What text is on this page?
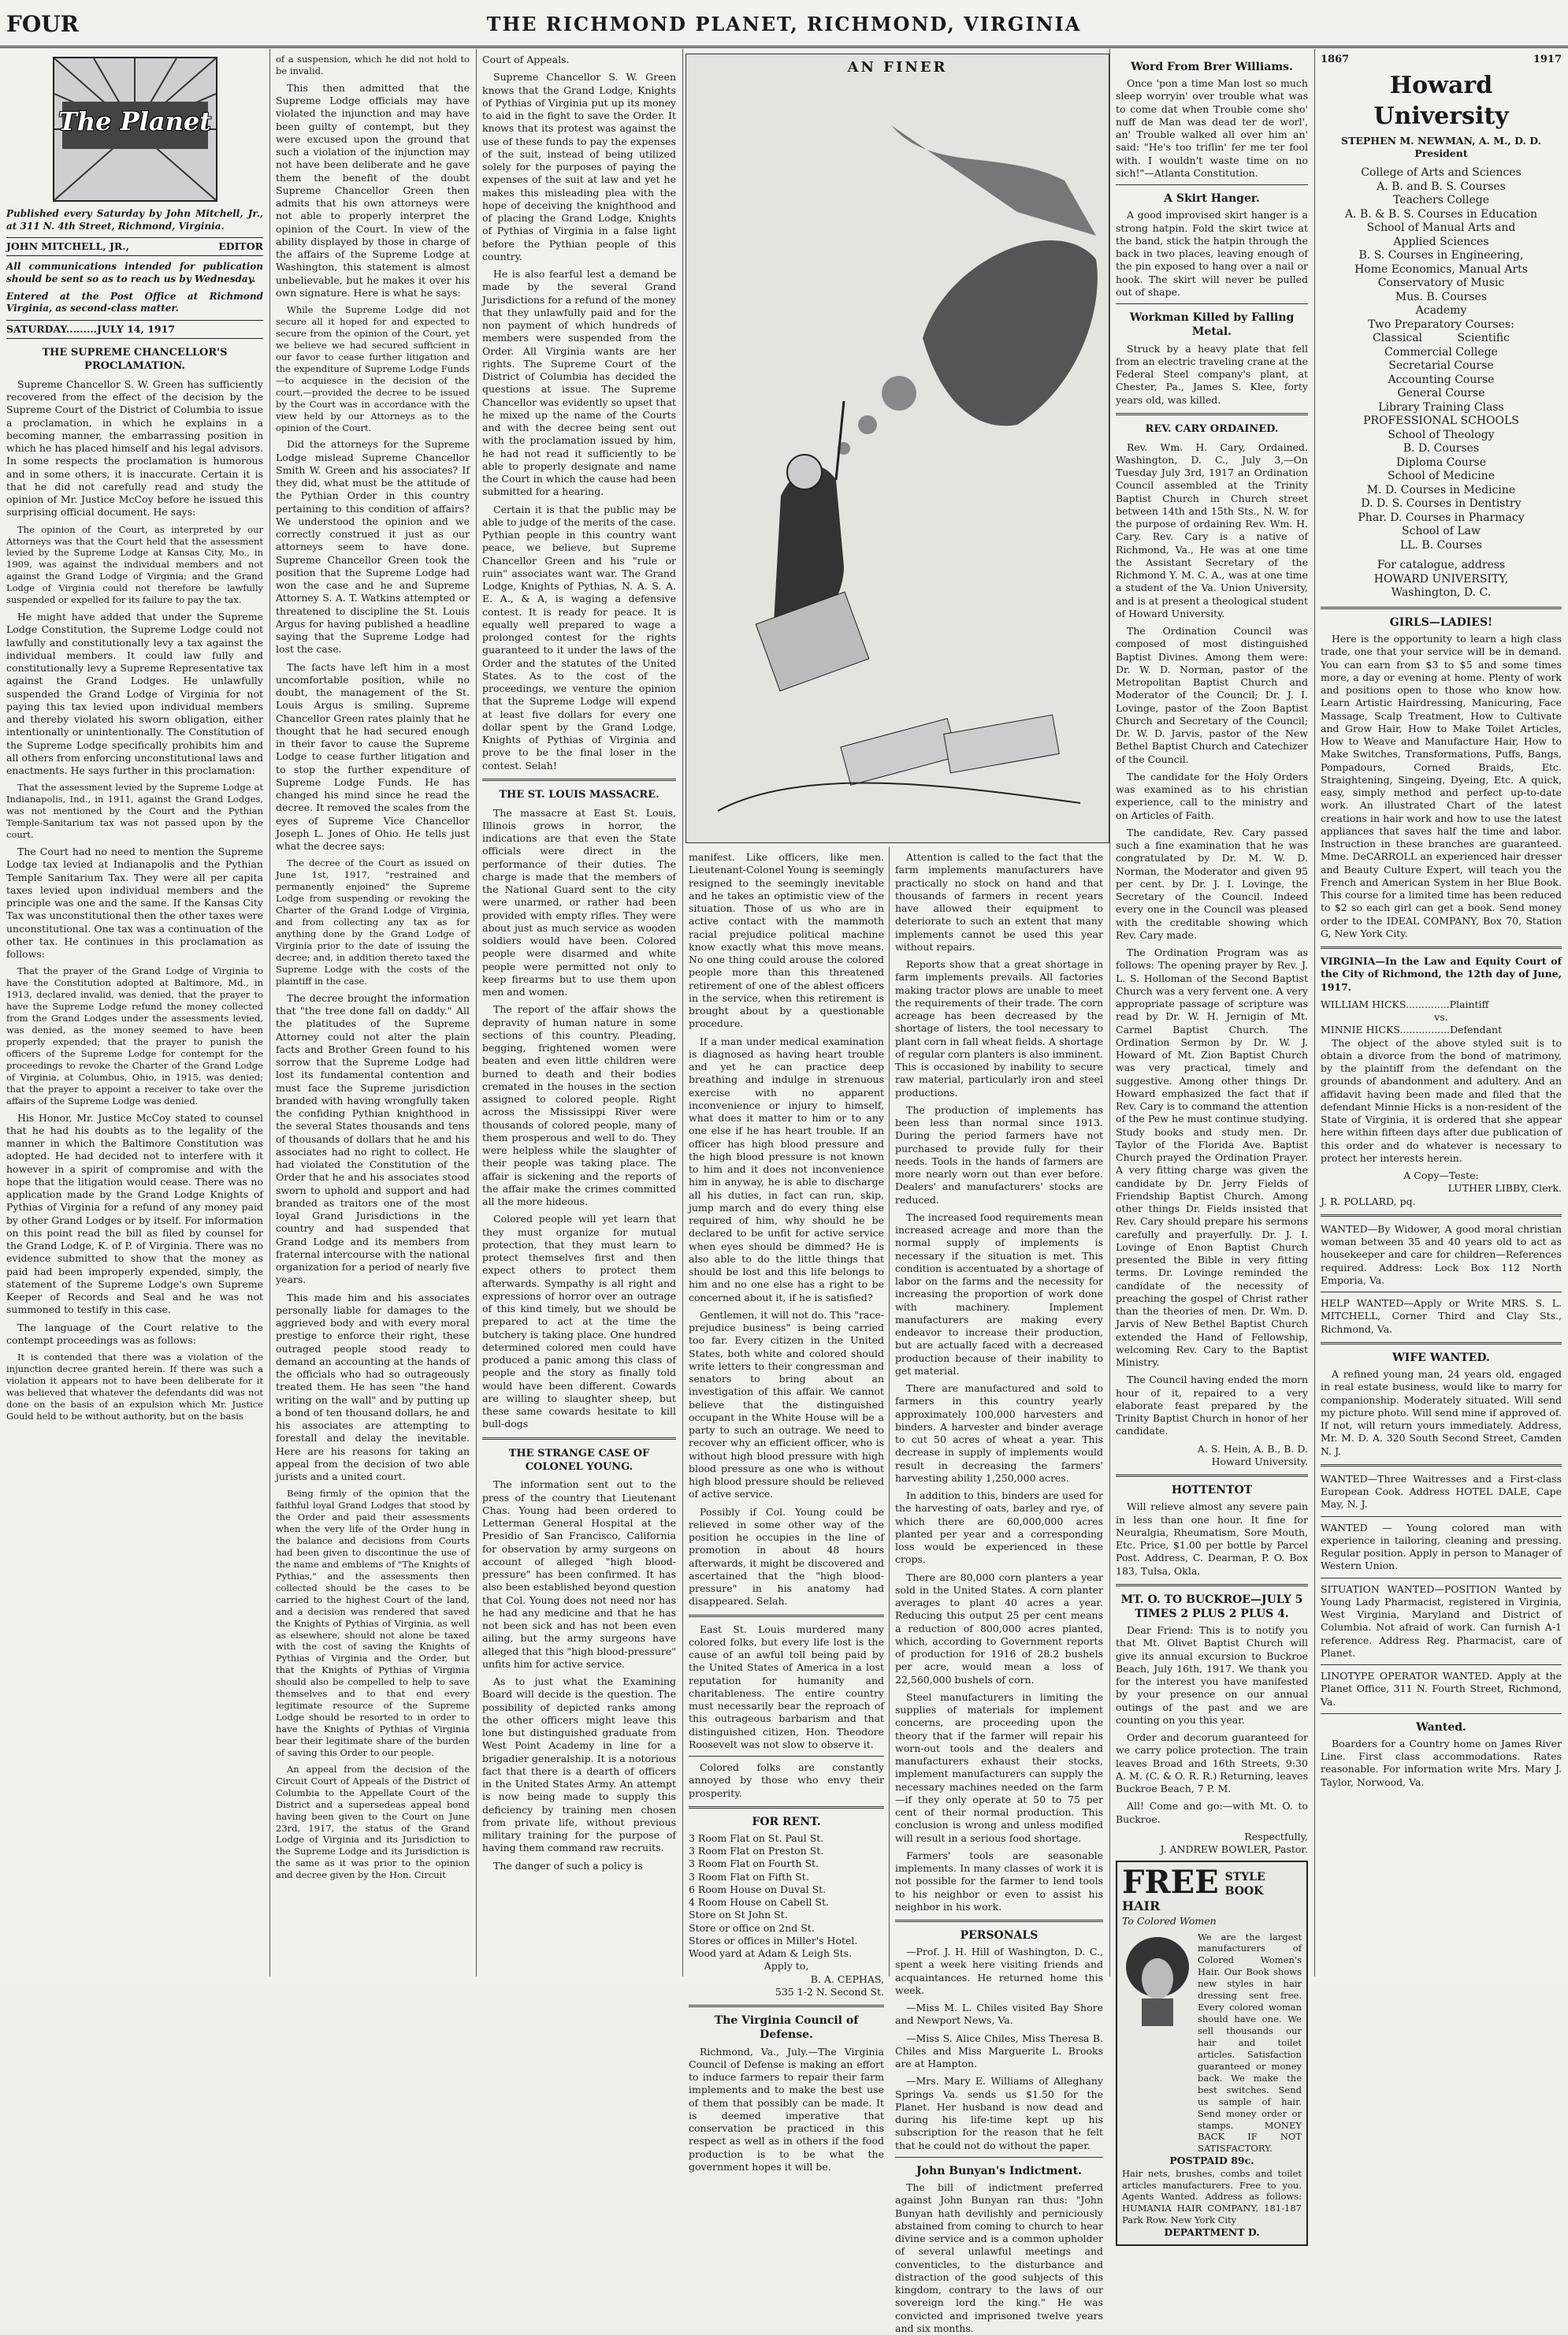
FOUR	THE RICHMOND PLANET, RICHMOND, VIRGINIA
The Planet
Published every Saturday by John Mitchell, Jr., at 311 N. 4th Street, Richmond, Virginia.
JOHN MITCHELL, JR.,	EDITOR
All communications intended for publication should be sent so as to reach us by Wednesday.
Entered at the Post Office at Richmond Virginia, as second-class matter.
SATURDAY.........JULY 14, 1917
THE SUPREME CHANCELLOR'S PROCLAMATION.

Supreme Chancellor S. W. Green has sufficiently recovered from the effect of the decision by the Supreme Court of the District of Columbia to issue a proclamation, in which he explains in a becoming manner, the embarrassing position in which he has placed himself and his legal advisors. In some respects the proclamation is humorous and in some others, it is inaccurate. Certain it is that he did not carefully read and study the opinion of Mr. Justice McCoy before he issued this surprising official document. He says:

The opinion of the Court, as interpreted by our Attorneys was that the Court held that the assessment levied by the Supreme Lodge at Kansas City, Mo., in 1909, was against the individual members and not against the Grand Lodge of Virginia; and the Grand Lodge of Virginia could not therefore be lawfully suspended or expelled for its failure to pay the tax.

He might have added that under the Supreme Lodge Constitution, the Supreme Lodge could not lawfully and constitutionally levy a tax against the individual members. It could law fully and constitutionally levy a Supreme Representative tax against the Grand Lodges. He unlawfully suspended the Grand Lodge of Virginia for not paying this tax levied upon individual members and thereby violated his sworn obligation, either intentionally or unintentionally. The Constitution of the Supreme Lodge specifically prohibits him and all others from enforcing unconstitutional laws and enactments. He says further in this proclamation:

That the assessment levied by the Supreme Lodge at Indianapolis, Ind., in 1911, against the Grand Lodges, was not mentioned by the Court and the Pythian Temple-Sanitarium tax was not passed upon by the court.

The Court had no need to mention the Supreme Lodge tax levied at Indianapolis and the Pythian Temple Sanitarium Tax. They were all per capita taxes levied upon individual members and the principle was one and the same. If the Kansas City Tax was unconstitutional then the other taxes were unconstitutional. One tax was a continuation of the other tax. He continues in this proclamation as follows:

That the prayer of the Grand Lodge of Virginia to have the Constitution adopted at Baltimore, Md., in 1913, declared invalid, was denied, that the prayer to have the Supreme Lodge refund the money collected from the Grand Lodges under the assessments levied, was denied, as the money seemed to have been properly expended; that the prayer to punish the officers of the Supreme Lodge for contempt for the proceedings to revoke the Charter of the Grand Lodge of Virginia, at Columbus, Ohio, in 1915, was denied; that the prayer to appoint a receiver to take over the affairs of the Supreme Lodge was denied.

His Honor, Mr. Justice McCoy stated to counsel that he had his doubts as to the legality of the manner in which the Baltimore Constitution was adopted. He had decided not to interfere with it however in a spirit of compromise and with the hope that the litigation would cease. There was no application made by the Grand Lodge Knights of Pythias of Virginia for a refund of any money paid by other Grand Lodges or by itself. For information on this point read the bill as filed by counsel for the Grand Lodge, K. of P. of Virginia. There was no evidence submitted to show that the money as paid had been improperly expended, simply, the statement of the Supreme Lodge's own Supreme Keeper of Records and Seal and he was not summoned to testify in this case.

The language of the Court relative to the contempt proceedings was as follows:

It is contended that there was a violation of the injunction decree granted herein. If there was such a violation it appears not to have been deliberate for it was believed that whatever the defendants did was not done on the basis of an expulsion which Mr. Justice Gould held to be without authority, but on the basis

of a suspension, which he did not hold to be invalid.

This then admitted that the Supreme Lodge officials may have violated the injunction and may have been guilty of contempt, but they were excused upon the ground that such a violation of the injunction may not have been deliberate and he gave them the benefit of the doubt Supreme Chancellor Green then admits that his own attorneys were not able to properly interpret the opinion of the Court. In view of the ability displayed by those in charge of the affairs of the Supreme Lodge at Washington, this statement is almost unbelievable, but he makes it over his own signature. Here is what he says:

While the Supreme Lodge did not secure all it hoped for and expected to secure from the opinion of the Court, yet we believe we had secured sufficient in our favor to cease further litigation and the expenditure of Supreme Lodge Funds—to acquiesce in the decision of the court,—provided the decree to be issued by the Court was in accordance with the view held by our Attorneys as to the opinion of the Court.

Did the attorneys for the Supreme Lodge mislead Supreme Chancellor Smith W. Green and his associates? If they did, what must be the attitude of the Pythian Order in this country pertaining to this condition of affairs? We understood the opinion and we correctly construed it just as our attorneys seem to have done. Supreme Chancellor Green took the position that the Supreme Lodge had won the case and he and Supreme Attorney S. A. T. Watkins attempted or threatened to discipline the St. Louis Argus for having published a headline saying that the Supreme Lodge had lost the case.

The facts have left him in a most uncomfortable position, while no doubt, the management of the St. Louis Argus is smiling. Supreme Chancellor Green rates plainly that he thought that he had secured enough in their favor to cause the Supreme Lodge to cease further litigation and to stop the further expenditure of Supreme Lodge Funds. He has changed his mind since he read the decree. It removed the scales from the eyes of Supreme Vice Chancellor Joseph L. Jones of Ohio. He tells just what the decree says:

The decree of the Court as issued on June 1st, 1917, "restrained and permanently enjoined" the Supreme Lodge from suspending or revoking the Charter of the Grand Lodge of Virginia, and from collecting any tax as for anything done by the Grand Lodge of Virginia prior to the date of issuing the decree; and, in addition thereto taxed the Supreme Lodge with the costs of the plaintiff in the case.

The decree brought the information that "the tree done fall on daddy." All the platitudes of the Supreme Attorney could not alter the plain facts and Brother Green found to his sorrow that the Supreme Lodge had lost its fundamental contention and must face the Supreme jurisdiction branded with having wrongfully taken the confiding Pythian knighthood in the several States thousands and tens of thousands of dollars that he and his associates had no right to collect. He had violated the Constitution of the Order that he and his associates stood sworn to uphold and support and had branded as traitors one of the most loyal Grand Jurisdictions in the country and had suspended that Grand Lodge and its members from fraternal intercourse with the national organization for a period of nearly five years.

This made him and his associates personally liable for damages to the aggrieved body and with every moral prestige to enforce their right, these outraged people stood ready to demand an accounting at the hands of the officials who had so outrageously treated them. He has seen "the hand writing on the wall" and by putting up a bond of ten thousand dollars, he and his associates are attempting to forestall and delay the inevitable. Here are his reasons for taking an appeal from the decision of two able jurists and a united court.

Being firmly of the opinion that the faithful loyal Grand Lodges that stood by the Order and paid their assessments when the very life of the Order hung in the balance and decisions from Courts had been given to discontinue the use of the name and emblems of "The Knights of Pythias," and the assessments then collected should be the cases to be carried to the highest Court of the land, and a decision was rendered that saved the Knights of Pythias of Virginia, as well as elsewhere, should not alone be taxed with the cost of saving the Knights of Pythias of Virginia and the Order, but that the Knights of Pythias of Virginia should also be compelled to help to save themselves and to that end every legitimate resource of the Supreme Lodge should be resorted to in order to have the Knights of Pythias of Virginia bear their legitimate share of the burden of saving this Order to our people.

An appeal from the decision of the Circuit Court of Appeals of the District of Columbia to the Appellate Court of the District and a supersedeas appeal bond having been given to the Court on June 23rd, 1917, the status of the Grand Lodge of Virginia and its Jurisdiction to the Supreme Lodge and its Jurisdiction is the same as it was prior to the opinion and decree given by the Hon. Circuit

Court of Appeals.

Supreme Chancellor S. W. Green knows that the Grand Lodge, Knights of Pythias of Virginia put up its money to aid in the fight to save the Order. It knows that its protest was against the use of these funds to pay the expenses of the suit, instead of being utilized solely for the purposes of paying the expenses of the suit at law and yet he makes this misleading plea with the hope of deceiving the knighthood and of placing the Grand Lodge, Knights of Pythias of Virginia in a false light before the Pythian people of this country.

He is also fearful lest a demand be made by the several Grand Jurisdictions for a refund of the money that they unlawfully paid and for the non payment of which hundreds of members were suspended from the Order. All Virginia wants are her rights. The Supreme Court of the District of Columbia has decided the questions at issue. The Supreme Chancellor was evidently so upset that he mixed up the name of the Courts and with the decree being sent out with the proclamation issued by him, he had not read it sufficiently to be able to properly designate and name the Court in which the cause had been submitted for a hearing.

Certain it is that the public may be able to judge of the merits of the case. Pythian people in this country want peace, we believe, but Supreme Chancellor Green and his "rule or ruin" associates want war. The Grand Lodge, Knights of Pythias, N. A. S. A. E. A., & A, is waging a defensive contest. It is ready for peace. It is equally well prepared to wage a prolonged contest for the rights guaranteed to it under the laws of the Order and the statutes of the United States. As to the cost of the proceedings, we venture the opinion that the Supreme Lodge will expend at least five dollars for every one dollar spent by the Grand Lodge, Knights of Pythias of Virginia and prove to be the final loser in the contest. Selah!

THE ST. LOUIS MASSACRE.

The massacre at East St. Louis, Illinois grows in horror, the indications are that even the State officials were direct in the performance of their duties. The charge is made that the members of the National Guard sent to the city were unarmed, or rather had been provided with empty rifles. They were about just as much service as wooden soldiers would have been. Colored people were disarmed and white people were permitted not only to keep firearms but to use them upon men and women.

The report of the affair shows the depravity of human nature in some sections of this country. Pleading, begging, frightened women were beaten and even little children were burned to death and their bodies cremated in the houses in the section assigned to colored people. Right across the Mississippi River were thousands of colored people, many of them prosperous and well to do. They were helpless while the slaughter of their people was taking place. The affair is sickening and the reports of the affair make the crimes committed all the more hideous.

Colored people will yet learn that they must organize for mutual protection, that they must learn to protect themselves first and then expect others to protect them afterwards. Sympathy is all right and expressions of horror over an outrage of this kind timely, but we should be prepared to act at the time the butchery is taking place. One hundred determined colored men could have produced a panic among this class of people and the story as finally told would have been different. Cowards are willing to slaughter sheep, but these same cowards hesitate to kill bull-dogs

THE STRANGE CASE OF COLONEL YOUNG.

The information sent out to the press of the country that Lieutenant Chas. Young had been ordered to Letterman General Hospital at the Presidio of San Francisco, California for observation by army surgeons on account of alleged "high blood-pressure" has been confirmed. It has also been established beyond question that Col. Young does not need nor has he had any medicine and that he has not been sick and has not been even ailing, but the army surgeons have alleged that this "high blood-pressure" unfits him for active service.

As to just what the Examining Board will decide is the question. The possibility of depicted ranks among the other officers might leave this lone but distinguished graduate from West Point Academy in line for a brigadier generalship. It is a notorious fact that there is a dearth of officers in the United States Army. An attempt is now being made to supply this deficiency by training men chosen from private life, without previous military training for the purpose of having them command raw recruits.

The danger of such a policy is

AN FINER

manifest. Like officers, like men. Lieutenant-Colonel Young is seemingly resigned to the seemingly inevitable and he takes an optimistic view of the situation. Those of us who are in active contact with the mammoth racial prejudice political machine know exactly what this move means. No one thing could arouse the colored people more than this threatened retirement of one of the ablest officers in the service, when this retirement is brought about by a questionable procedure.

If a man under medical examination is diagnosed as having heart trouble and yet he can practice deep breathing and indulge in strenuous exercise with no apparent inconvenience or injury to himself, what does it matter to him or to any one else if he has heart trouble. If an officer has high blood pressure and the high blood pressure is not known to him and it does not inconvenience him in anyway, he is able to discharge all his duties, in fact can run, skip, jump march and do every thing else required of him, why should he be declared to be unfit for active service when eyes should be dimmed? He is also able to do the little things that should be lost and this life belongs to him and no one else has a right to be concerned about it, if he is satisfied?

Gentlemen, it will not do. This "race-prejudice business" is being carried too far. Every citizen in the United States, both white and colored should write letters to their congressman and senators to bring about an investigation of this affair. We cannot believe that the distinguished occupant in the White House will be a party to such an outrage. We need to recover why an efficient officer, who is without high blood pressure with high blood pressure as one who is without high blood pressure should be relieved of active service.

Possibly if Col. Young could be relieved in some other way of the position he occupies in the line of promotion in about 48 hours afterwards, it might be discovered and ascertained that the "high blood-pressure" in his anatomy had disappeared. Selah.

East St. Louis murdered many colored folks, but every life lost is the cause of an awful toll being paid by the United States of America in a lost reputation for humanity and charitableness. The entire country must necessarily bear the reproach of this outrageous barbarism and that distinguished citizen, Hon. Theodore Roosevelt was not slow to observe it.

Colored folks are constantly annoyed by those who envy their prosperity.

FOR RENT.
3 Room Flat on St. Paul St.
3 Room Flat on Preston St.
3 Room Flat on Fourth St.
3 Room Flat on Fifth St.
6 Room House on Duval St.
4 Room House on Cabell St.
Store on St John St.
Store or office on 2nd St.
Stores or offices in Miller's Hotel.
Wood yard at Adam & Leigh Sts.
Apply to,
B. A. CEPHAS,
535 1-2 N. Second St.
The Virginia Council of Defense.

Richmond, Va., July.—The Virginia Council of Defense is making an effort to induce farmers to repair their farm implements and to make the best use of them that possibly can be made. It is deemed imperative that conservation be practiced in this respect as well as in others if the food production is to be what the government hopes it will be.

Attention is called to the fact that the farm implements manufacturers have practically no stock on hand and that thousands of farmers in recent years have allowed their equipment to deteriorate to such an extent that many implements cannot be used this year without repairs.

Reports show that a great shortage in farm implements prevails. All factories making tractor plows are unable to meet the requirements of their trade. The corn acreage has been decreased by the shortage of listers, the tool necessary to plant corn in fall wheat fields. A shortage of regular corn planters is also imminent. This is occasioned by inability to secure raw material, particularly iron and steel productions.

The production of implements has been less than normal since 1913. During the period farmers have not purchased to provide fully for their needs. Tools in the hands of farmers are more nearly worn out than ever before. Dealers' and manufacturers' stocks are reduced.

The increased food requirements mean increased acreage and more than the normal supply of implements is necessary if the situation is met. This condition is accentuated by a shortage of labor on the farms and the necessity for increasing the proportion of work done with machinery. Implement manufacturers are making every endeavor to increase their production, but are actually faced with a decreased production because of their inability to get material.

There are manufactured and sold to farmers in this country yearly approximately 100,000 harvesters and binders. A harvester and binder average to cut 50 acres of wheat a year. This decrease in supply of implements would result in decreasing the farmers' harvesting ability 1,250,000 acres.

In addition to this, binders are used for the harvesting of oats, barley and rye, of which there are 60,000,000 acres planted per year and a corresponding loss would be experienced in these crops.

There are 80,000 corn planters a year sold in the United States. A corn planter averages to plant 40 acres a year. Reducing this output 25 per cent means a reduction of 800,000 acres planted, which, according to Government reports of production for 1916 of 28.2 bushels per acre, would mean a loss of 22,560,000 bushels of corn.

Steel manufacturers in limiting the supplies of materials for implement concerns, are proceeding upon the theory that if the farmer will repair his worn-out tools and the dealers and manufacturers exhaust their stocks, implement manufacturers can supply the necessary machines needed on the farm—if they only operate at 50 to 75 per cent of their normal production. This conclusion is wrong and unless modified will result in a serious food shortage.

Farmers' tools are seasonable implements. In many classes of work it is not possible for the farmer to lend tools to his neighbor or even to assist his neighbor in his work.

PERSONALS

—Prof. J. H. Hill of Washington, D. C., spent a week here visiting friends and acquaintances. He returned home this week.

—Miss M. L. Chiles visited Bay Shore and Newport News, Va.

—Miss S. Alice Chiles, Miss Theresa B. Chiles and Miss Marguerite L. Brooks are at Hampton.

—Mrs. Mary E. Williams of Alleghany Springs Va. sends us $1.50 for the Planet. Her husband is now dead and during his life-time kept up his subscription for the reason that he felt that he could not do without the paper.

John Bunyan's Indictment.

The bill of indictment preferred against John Bunyan ran thus: "John Bunyan hath devilishly and perniciously abstained from coming to church to hear divine service and is a common upholder of several unlawful meetings and conventicles, to the disturbance and distraction of the good subjects of this kingdom, contrary to the laws of our sovereign lord the king." He was convicted and imprisoned twelve years and six months.

Word From Brer Williams.

Once 'pon a time Man lost so much sleep worryin' over trouble what was to come dat when Trouble come sho' nuff de Man was dead ter de worl', an' Trouble walked all over him an' said: "He's too triflin' fer me ter fool with. I wouldn't waste time on no sich!"—Atlanta Constitution.

A Skirt Hanger.

A good improvised skirt hanger is a strong hatpin. Fold the skirt twice at the band, stick the hatpin through the back in two places, leaving enough of the pin exposed to hang over a nail or hook. The skirt will never be pulled out of shape.

Workman Killed by Falling Metal.

Struck by a heavy plate that fell from an electric traveling crane at the Federal Steel company's plant, at Chester, Pa., James S. Klee, forty years old, was killed.

REV. CARY ORDAINED.

Rev. Wm. H. Cary, Ordained. Washington, D. C., July 3,—On Tuesday July 3rd, 1917 an Ordination Council assembled at the Trinity Baptist Church in Church street between 14th and 15th Sts., N. W. for the purpose of ordaining Rev. Wm. H. Cary. Rev. Cary is a native of Richmond, Va., He was at one time the Assistant Secretary of the Richmond Y. M. C. A., was at one time a student of the Va. Union University, and is at present a theological student of Howard University.

The Ordination Council was composed of most distinguished Baptist Divines. Among them were: Dr. W. D. Norman, pastor of the Metropolitan Baptist Church and Moderator of the Council; Dr. J. I. Lovinge, pastor of the Zoon Baptist Church and Secretary of the Council; Dr. W. D. Jarvis, pastor of the New Bethel Baptist Church and Catechizer of the Council.

The candidate for the Holy Orders was examined as to his christian experience, call to the ministry and on Articles of Faith.

The candidate, Rev. Cary passed such a fine examination that he was congratulated by Dr. M. W. D. Norman, the Moderator and given 95 per cent. by Dr. J. I. Lovinge, the Secretary of the Council. Indeed every one in the Council was pleased with the creditable showing which Rev. Cary made.

The Ordination Program was as follows: The opening prayer by Rev. J. L. S. Holloman of the Second Baptist Church was a very fervent one. A very appropriate passage of scripture was read by Dr. W. H. Jernigin of Mt. Carmel Baptist Church. The Ordination Sermon by Dr. W. J. Howard of Mt. Zion Baptist Church was very practical, timely and suggestive. Among other things Dr. Howard emphasized the fact that if Rev. Cary is to command the attention of the Pew he must continue studying. Study books and study men. Dr. Taylor of the Florida Ave. Baptist Church prayed the Ordination Prayer. A very fitting charge was given the candidate by Dr. Jerry Fields of Friendship Baptist Church. Among other things Dr. Fields insisted that Rev. Cary should prepare his sermons carefully and prayerfully. Dr. J. I. Lovinge of Enon Baptist Church presented the Bible in very fitting terms. Dr. Lovinge reminded the candidate of the necessity of preaching the gospel of Christ rather than the theories of men. Dr. Wm. D. Jarvis of New Bethel Baptist Church extended the Hand of Fellowship, welcoming Rev. Cary to the Baptist Ministry.

The Council having ended the morn hour of it, repaired to a very elaborate feast prepared by the Trinity Baptist Church in honor of her candidate.

A. S. Hein, A. B., B. D.
Howard University.
HOTTENTOT

Will relieve almost any severe pain in less than one hour. It fine for Neuralgia, Rheumatism, Sore Mouth, Etc. Price, $1.00 per bottle by Parcel Post. Address, C. Dearman, P. O. Box 183, Tulsa, Okla.

MT. O. TO BUCKROE—JULY 5 TIMES 2 PLUS 2 PLUS 4.

Dear Friend: This is to notify you that Mt. Olivet Baptist Church will give its annual excursion to Buckroe Beach, July 16th, 1917. We thank you for the interest you have manifested by your presence on our annual outings of the past and we are counting on you this year.

Order and decorum guaranteed for we carry police protection. The train leaves Broad and 16th Streets, 9:30 A. M. (C. & O. R. R.) Returning, leaves Buckroe Beach, 7 P. M.

All! Come and go:—with Mt. O. to Buckroe.

Respectfully,
J. ANDREW BOWLER, Pastor.
FREE STYLE BOOK
HAIR
To Colored Women
We are the largest manufacturers of Colored Women's Hair. Our Book shows new styles in hair dressing sent free. Every colored woman should have one. We sell thousands our hair and toilet articles. Satisfaction guaranteed or money back. We make the best switches. Send us sample of hair. Send money order or stamps. MONEY BACK IF NOT SATISFACTORY.
POSTPAID 89c.
Hair nets, brushes, combs and toilet articles manufacturers. Free to you. Agents Wanted. Address as follows: HUMANIA HAIR COMPANY, 181-187 Park Row. New York City
DEPARTMENT D.
1867	1917
Howard University
STEPHEN M. NEWMAN, A. M., D. D.
President
College of Arts and Sciences
A. B. and B. S. Courses
Teachers College
A. B. & B. S. Courses in Education
School of Manual Arts and
Applied Sciences
B. S. Courses in Engineering,
Home Economics, Manual Arts
Conservatory of Music
Mus. B. Courses
Academy
Two Preparatory Courses:
Classical          Scientific
Commercial College
Secretarial Course
Accounting Course
General Course
Library Training Class
PROFESSIONAL SCHOOLS
School of Theology
B. D. Courses
Diploma Course
School of Medicine
M. D. Courses in Medicine
D. D. S. Courses in Dentistry
Phar. D. Courses in Pharmacy
School of Law
LL. B. Courses
For catalogue, address
HOWARD UNIVERSITY,
Washington, D. C.
GIRLS—LADIES!

Here is the opportunity to learn a high class trade, one that your service will be in demand. You can earn from $3 to $5 and some times more, a day or evening at home. Plenty of work and positions open to those who know how. Learn Artistic Hairdressing, Manicuring, Face Massage, Scalp Treatment, How to Cultivate and Grow Hair, How to Make Toilet Articles, How to Weave and Manufacture Hair, How to Make Switches, Transformations, Puffs, Bangs, Pompadours, Corned Braids, Etc. Straightening, Singeing, Dyeing, Etc. A quick, easy, simply method and perfect up-to-date work. An illustrated Chart of the latest creations in hair work and how to use the latest appliances that saves half the time and labor. Instruction in these branches are guaranteed. Mme. DeCARROLL an experienced hair dresser and Beauty Culture Expert, will teach you the French and American System in her Blue Book. This course for a limited time has been reduced to $2 so each girl can get a book. Send money order to the IDEAL COMPANY, Box 70, Station G, New York City.

VIRGINIA—In the Law and Equity Court of the City of Richmond, the 12th day of June, 1917.

WILLIAM HICKS..............Plaintiff
vs.
MINNIE HICKS................Defendant

The object of the above styled suit is to obtain a divorce from the bond of matrimony, by the plaintiff from the defendant on the grounds of abandonment and adultery. And an affidavit having been made and filed that the defendant Minnie Hicks is a non-resident of the State of Virginia, it is ordered that she appear here within fifteen days after due publication of this order and do whatever is necessary to protect her interests herein.

A Copy—Teste:
LUTHER LIBBY, Clerk.
J. R. POLLARD, pq.

WANTED—By Widower, A good moral christian woman between 35 and 40 years old to act as housekeeper and care for children—References required. Address: Lock Box 112 North Emporia, Va.

HELP WANTED—Apply or Write MRS. S. L. MITCHELL, Corner Third and Clay Sts., Richmond, Va.

WIFE WANTED.

A refined young man, 24 years old, engaged in real estate business, would like to marry for companionship. Moderately situated. Will send my picture photo. Will send mine if approved of. If not, will return yours immediately. Address, Mr. M. D. A. 320 South Second Street, Camden N. J.

WANTED—Three Waitresses and a First-class European Cook. Address HOTEL DALE, Cape May, N. J.

WANTED — Young colored man with experience in tailoring, cleaning and pressing. Regular position. Apply in person to Manager of Western Union.

SITUATION WANTED—POSITION Wanted by Young Lady Pharmacist, registered in Virginia, West Virginia, Maryland and District of Columbia. Not afraid of work. Can furnish A-1 reference. Address Reg. Pharmacist, care of Planet.

LINOTYPE OPERATOR WANTED. Apply at the Planet Office, 311 N. Fourth Street, Richmond, Va.

Wanted.

Boarders for a Country home on James River Line. First class accommodations. Rates reasonable. For information write Mrs. Mary J. Taylor, Norwood, Va.
